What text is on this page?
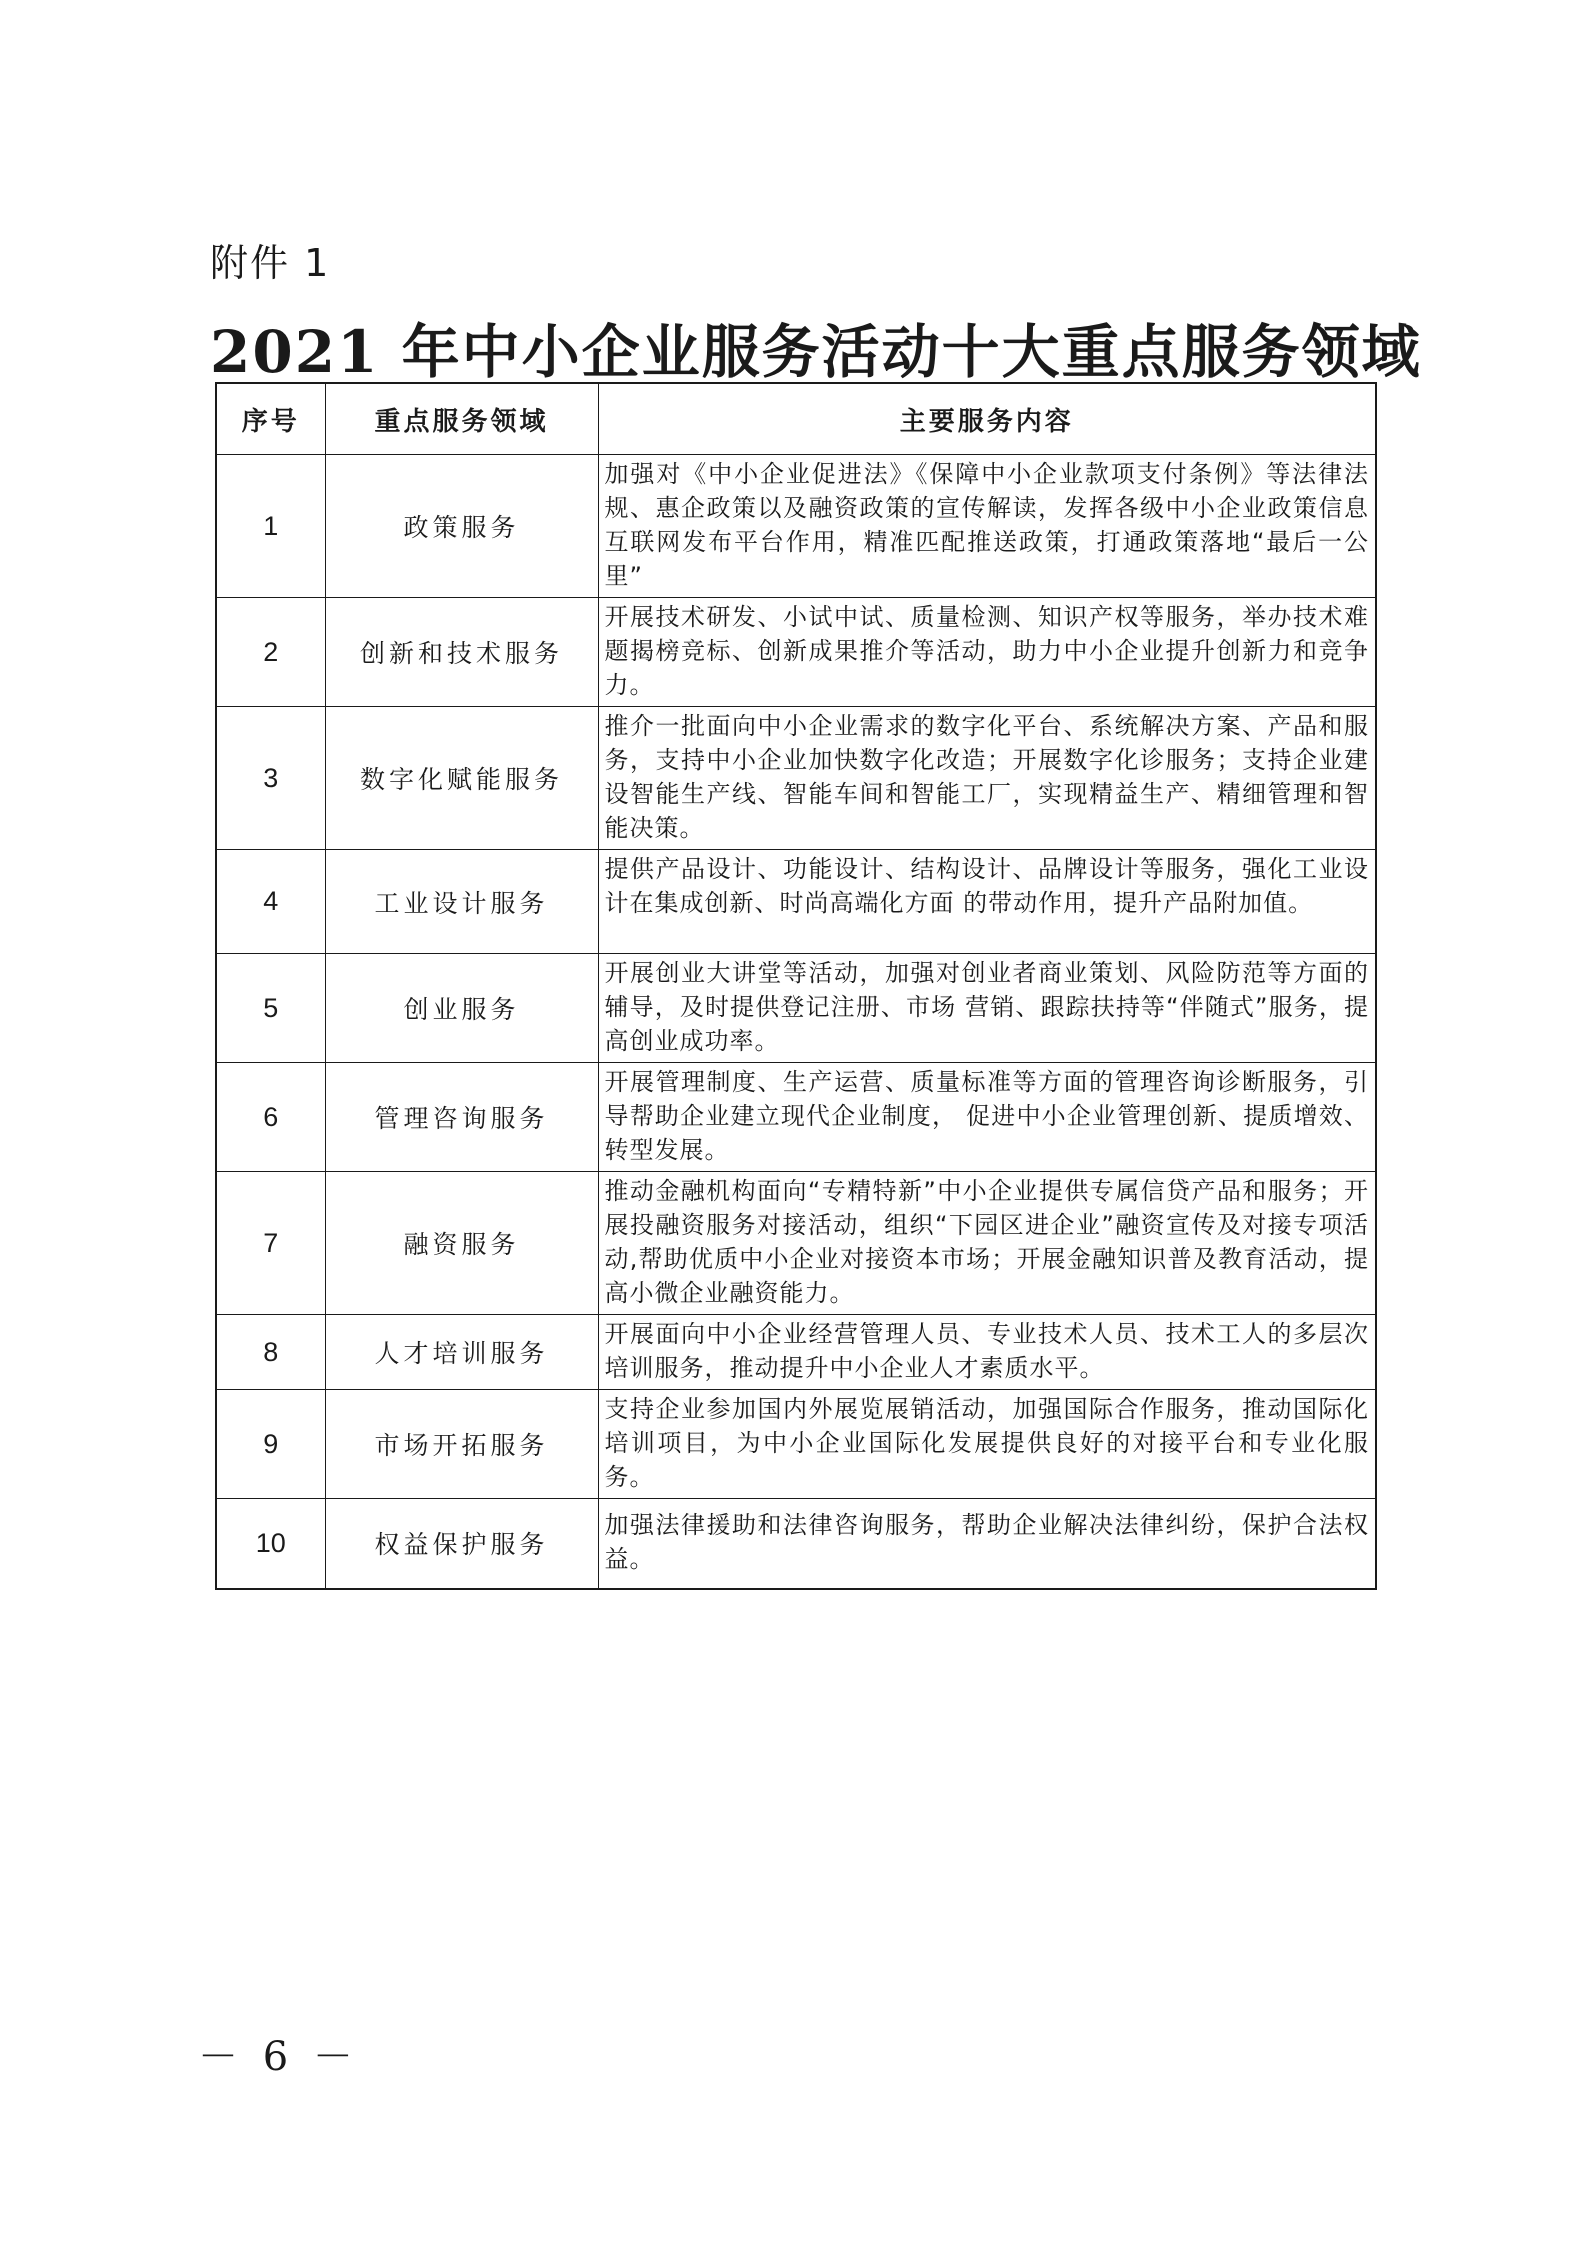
附件 1
2021 年中小企业服务活动十大重点服务领域
序号	重点服务领域	主要服务内容
1	政策服务	加强对《中小企业促进法》《保障中小企业款项支付条例》等法律法规、惠企政策以及融资政策的宣传解读，发挥各级中小企业政策信息互联网发布平台作用，精准匹配推送政策，打通政策落地“最后一公里”
2	创新和技术服务	开展技术研发、小试中试、质量检测、知识产权等服务，举办技术难题揭榜竞标、创新成果推介等活动，助力中小企业提升创新力和竞争力。
3	数字化赋能服务	推介一批面向中小企业需求的数字化平台、系统解决方案、产品和服务，支持中小企业加快数字化改造；开展数字化诊服务；支持企业建设智能生产线、智能车间和智能工厂，实现精益生产、精细管理和智能决策。
4	工业设计服务	提供产品设计、功能设计、结构设计、品牌设计等服务，强化工业设计在集成创新、时尚高端化方面 的带动作用，提升产品附加值。
5	创业服务	开展创业大讲堂等活动，加强对创业者商业策划、风险防范等方面的辅导，及时提供登记注册、市场 营销、跟踪扶持等“伴随式”服务，提高创业成功率。
6	管理咨询服务	开展管理制度、生产运营、质量标准等方面的管理咨询诊断服务，引导帮助企业建立现代企业制度， 促进中小企业管理创新、提质增效、转型发展。
7	融资服务	推动金融机构面向“专精特新”中小企业提供专属信贷产品和服务；开展投融资服务对接活动，组织“下园区进企业”融资宣传及对接专项活动,帮助优质中小企业对接资本市场；开展金融知识普及教育活动，提高小微企业融资能力。
8	人才培训服务	开展面向中小企业经营管理人员、专业技术人员、技术工人的多层次培训服务，推动提升中小企业人才素质水平。
9	市场开拓服务	支持企业参加国内外展览展销活动，加强国际合作服务，推动国际化培训项目，为中小企业国际化发展提供良好的对接平台和专业化服务。
10	权益保护服务	加强法律援助和法律咨询服务，帮助企业解决法律纠纷，保护合法权益。
－ 6 －
